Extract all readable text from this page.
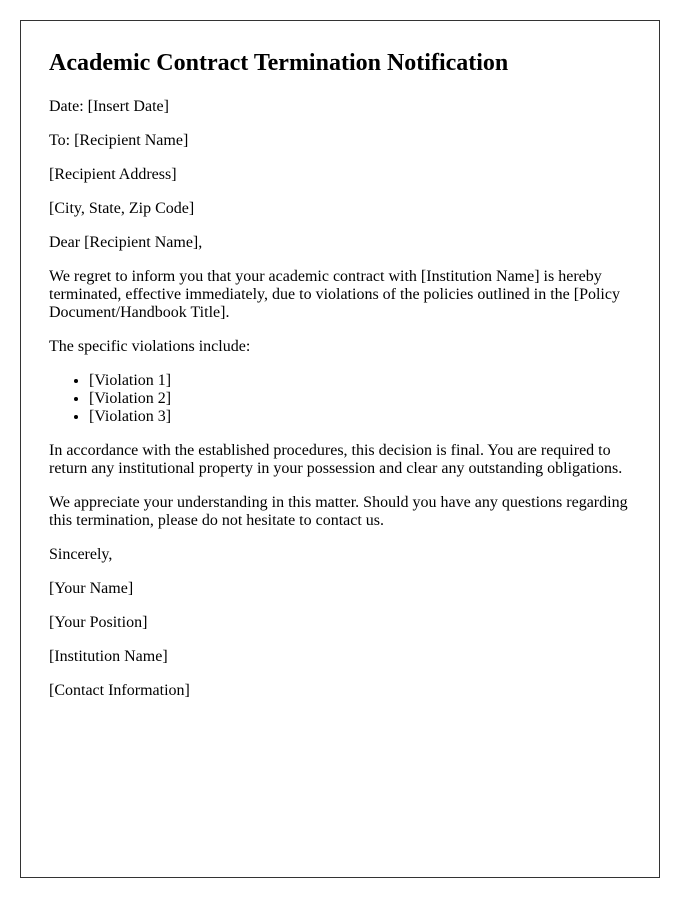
Academic Contract Termination Notification

Date: [Insert Date]

To: [Recipient Name]

[Recipient Address]

[City, State, Zip Code]

Dear [Recipient Name],

We regret to inform you that your academic contract with [Institution Name] is hereby terminated, effective immediately, due to violations of the policies outlined in the [Policy Document/Handbook Title].

The specific violations include:

• [Violation 1]
• [Violation 2]
• [Violation 3]

In accordance with the established procedures, this decision is final. You are required to return any institutional property in your possession and clear any outstanding obligations.

We appreciate your understanding in this matter. Should you have any questions regarding this termination, please do not hesitate to contact us.

Sincerely,

[Your Name]

[Your Position]

[Institution Name]

[Contact Information]
